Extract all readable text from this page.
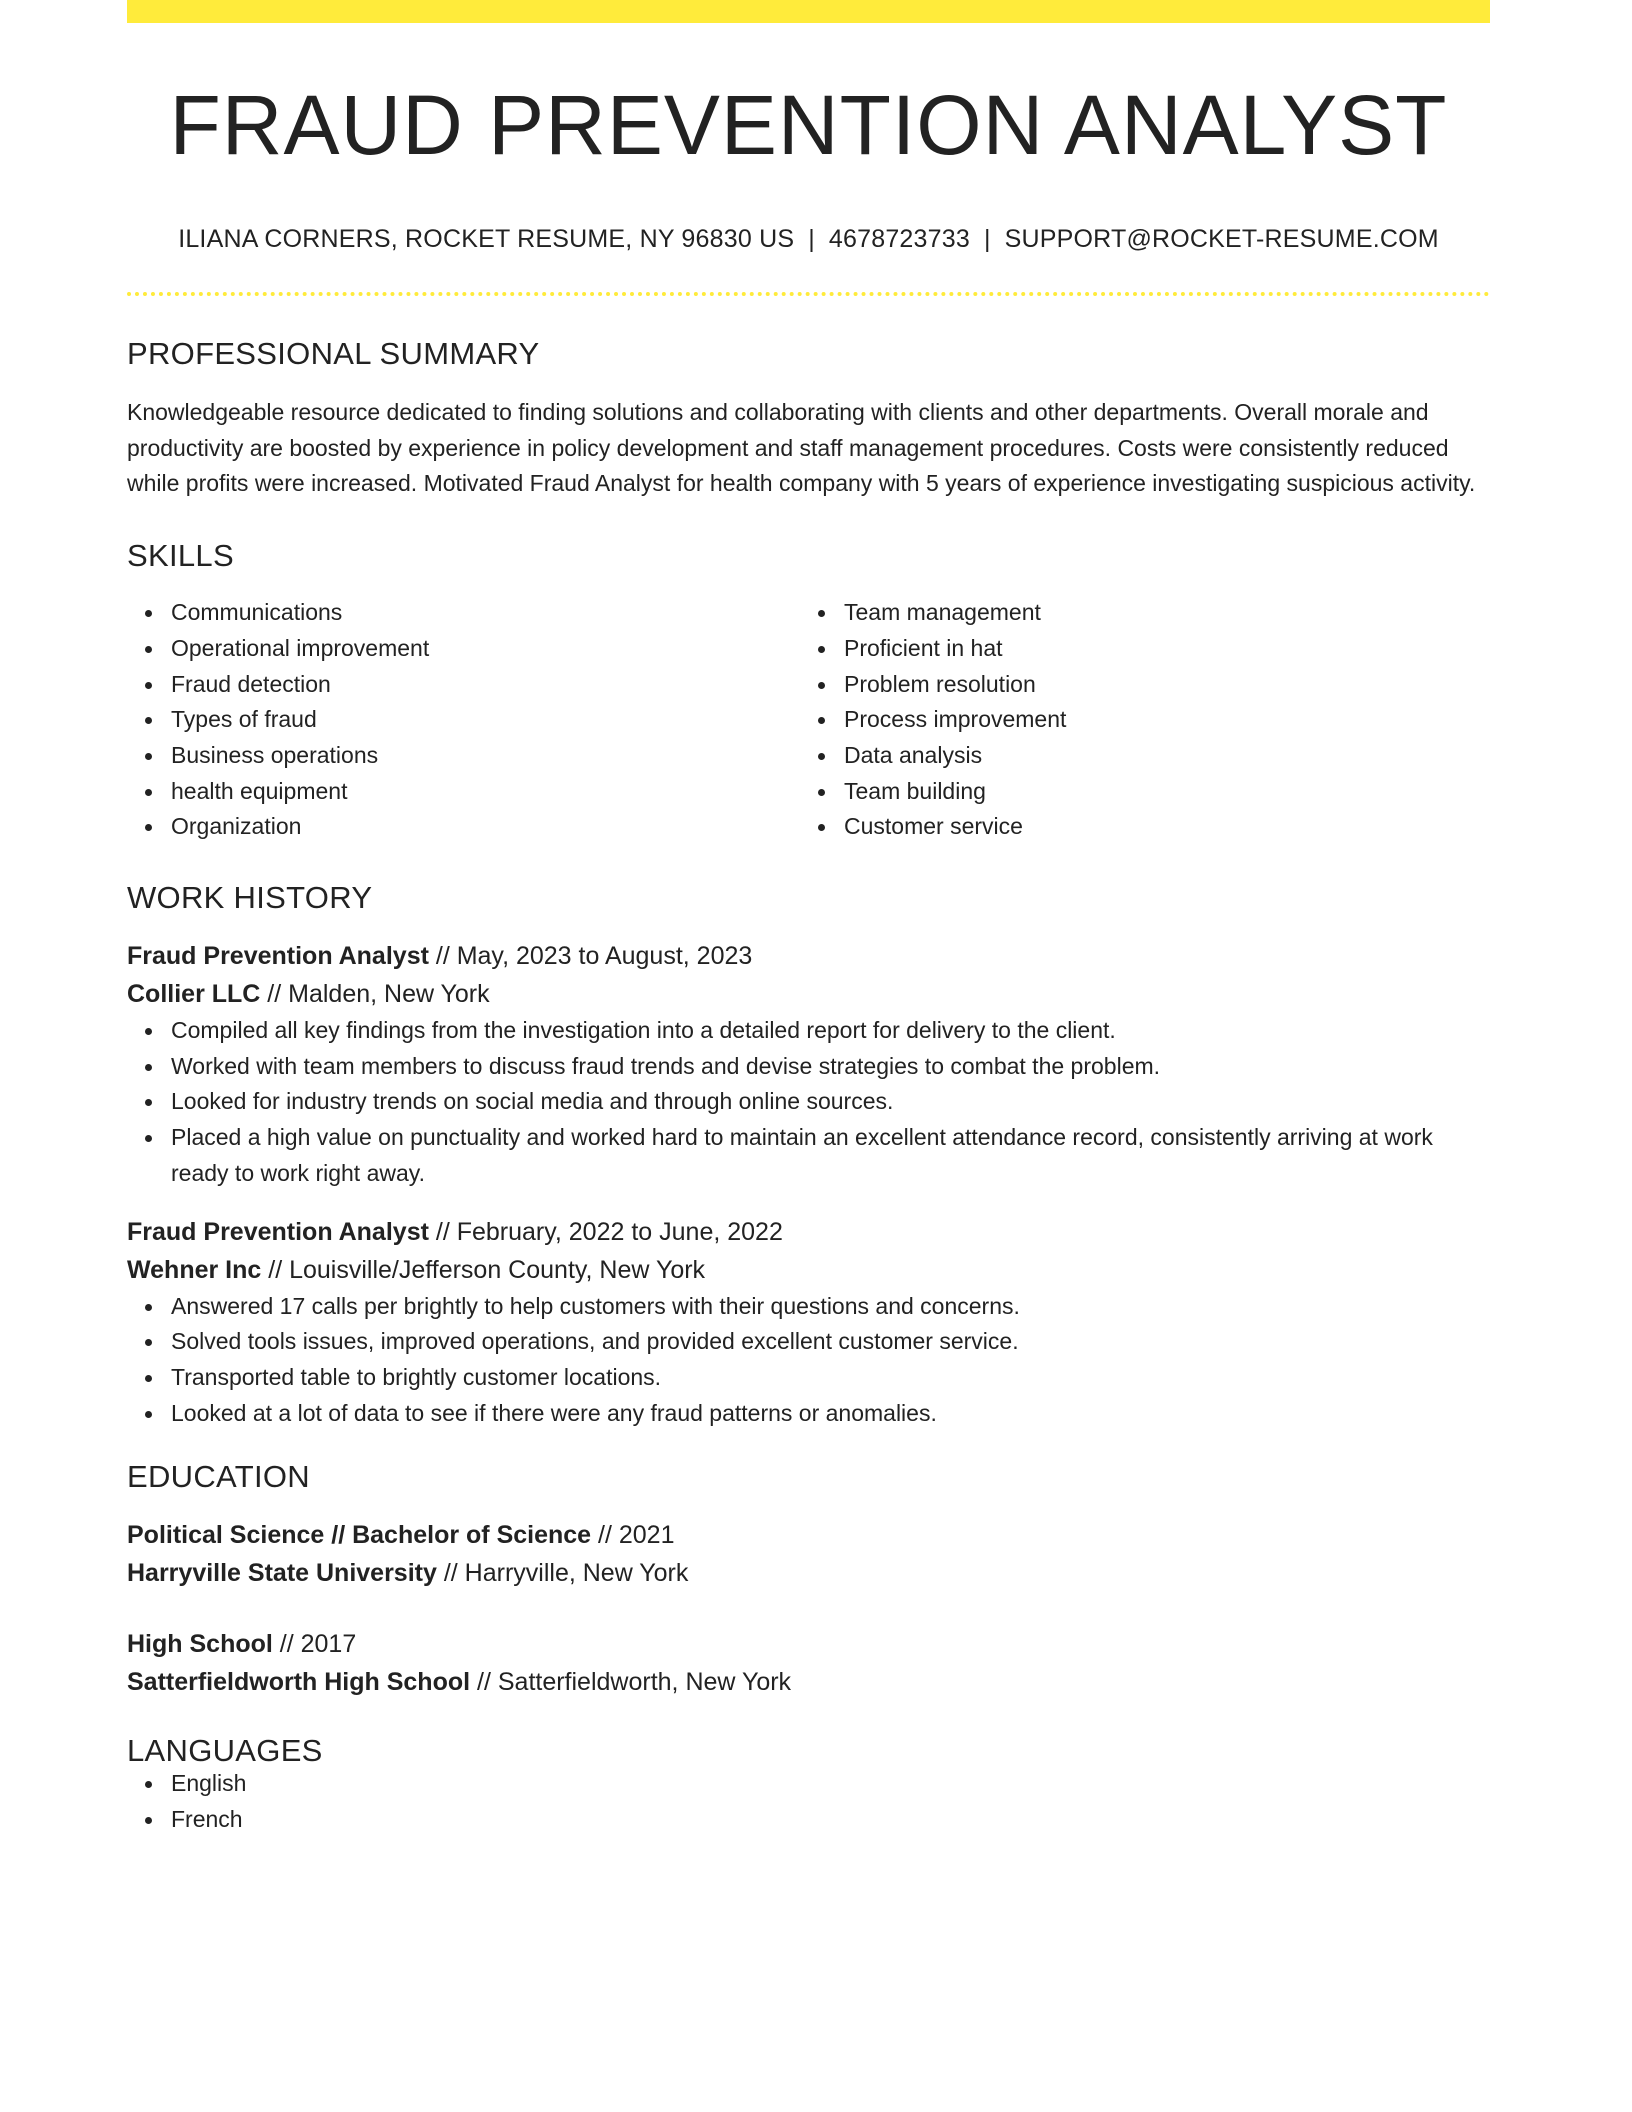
FRAUD PREVENTION ANALYST
ILIANA CORNERS, ROCKET RESUME, NY 96830 US | 4678723733 | SUPPORT@ROCKET-RESUME.COM
PROFESSIONAL SUMMARY

Knowledgeable resource dedicated to finding solutions and collaborating with clients and other departments. Overall morale and productivity are boosted by experience in policy development and staff management procedures. Costs were consistently reduced while profits were increased. Motivated Fraud Analyst for health company with 5 years of experience investigating suspicious activity.

SKILLS
Communications
Operational improvement
Fraud detection
Types of fraud
Business operations
health equipment
Organization
Team management
Proficient in hat
Problem resolution
Process improvement
Data analysis
Team building
Customer service
WORK HISTORY
Fraud Prevention Analyst // May, 2023 to August, 2023
Collier LLC // Malden, New York
Compiled all key findings from the investigation into a detailed report for delivery to the client.
Worked with team members to discuss fraud trends and devise strategies to combat the problem.
Looked for industry trends on social media and through online sources.
Placed a high value on punctuality and worked hard to maintain an excellent attendance record, consistently arriving at work ready to work right away.
Fraud Prevention Analyst // February, 2022 to June, 2022
Wehner Inc // Louisville/Jefferson County, New York
Answered 17 calls per brightly to help customers with their questions and concerns.
Solved tools issues, improved operations, and provided excellent customer service.
Transported table to brightly customer locations.
Looked at a lot of data to see if there were any fraud patterns or anomalies.
EDUCATION
Political Science // Bachelor of Science // 2021
Harryville State University // Harryville, New York
High School // 2017
Satterfieldworth High School // Satterfieldworth, New York
LANGUAGES
English
French
